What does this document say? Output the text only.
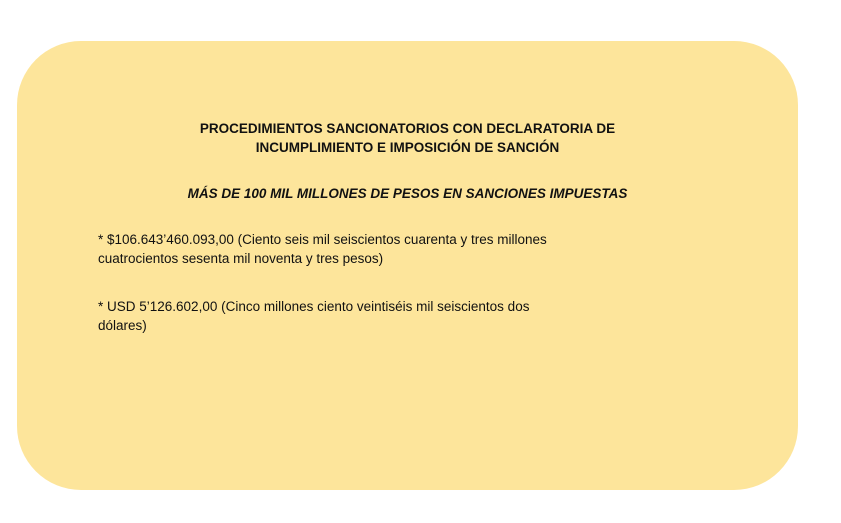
PROCEDIMIENTOS SANCIONATORIOS CON DECLARATORIA DE
INCUMPLIMIENTO E IMPOSICIÓN DE SANCIÓN

MÁS DE 100 MIL MILLONES DE PESOS EN SANCIONES IMPUESTAS

* $106.643’460.093,00 (Ciento seis mil seiscientos cuarenta y tres millones
cuatrocientos sesenta mil noventa y tres pesos)

* USD 5’126.602,00 (Cinco millones ciento veintiséis mil seiscientos dos
dólares)
